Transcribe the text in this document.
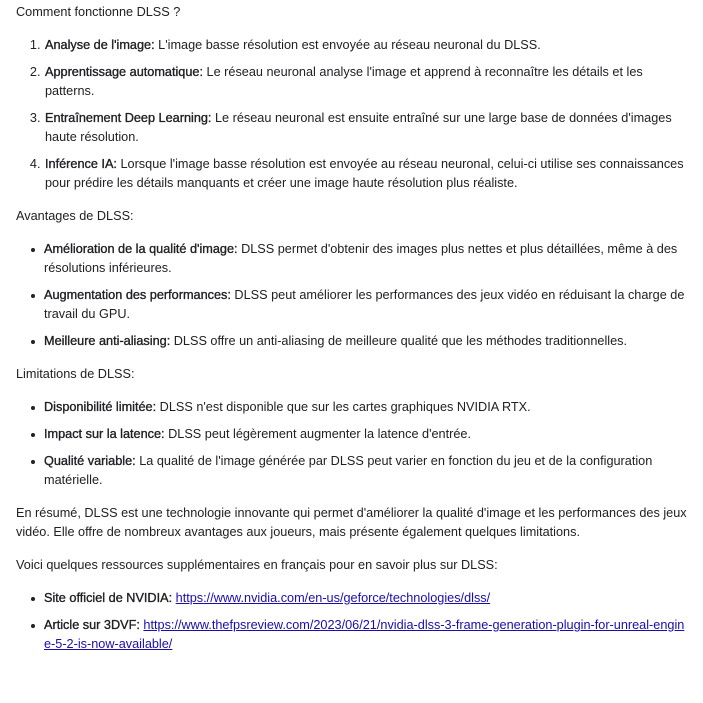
Comment fonctionne DLSS ?

1. Analyse de l'image: L'image basse résolution est envoyée au réseau neuronal du DLSS.
2. Apprentissage automatique: Le réseau neuronal analyse l'image et apprend à reconnaître les détails et les patterns.
3. Entraînement Deep Learning: Le réseau neuronal est ensuite entraîné sur une large base de données d'images haute résolution.
4. Inférence IA: Lorsque l'image basse résolution est envoyée au réseau neuronal, celui-ci utilise ses connaissances pour prédire les détails manquants et créer une image haute résolution plus réaliste.

Avantages de DLSS:

Amélioration de la qualité d'image: DLSS permet d'obtenir des images plus nettes et plus détaillées, même à des résolutions inférieures.
Augmentation des performances: DLSS peut améliorer les performances des jeux vidéo en réduisant la charge de travail du GPU.
Meilleure anti-aliasing: DLSS offre un anti-aliasing de meilleure qualité que les méthodes traditionnelles.

Limitations de DLSS:

Disponibilité limitée: DLSS n'est disponible que sur les cartes graphiques NVIDIA RTX.
Impact sur la latence: DLSS peut légèrement augmenter la latence d'entrée.
Qualité variable: La qualité de l'image générée par DLSS peut varier en fonction du jeu et de la configuration matérielle.

En résumé, DLSS est une technologie innovante qui permet d'améliorer la qualité d'image et les performances des jeux vidéo. Elle offre de nombreux avantages aux joueurs, mais présente également quelques limitations.

Voici quelques ressources supplémentaires en français pour en savoir plus sur DLSS:

Site officiel de NVIDIA: https://www.nvidia.com/en-us/geforce/technologies/dlss/
Article sur 3DVF: https://www.thefpsreview.com/2023/06/21/nvidia-dlss-3-frame-generation-plugin-for-unreal-engine-5-2-is-now-available/
